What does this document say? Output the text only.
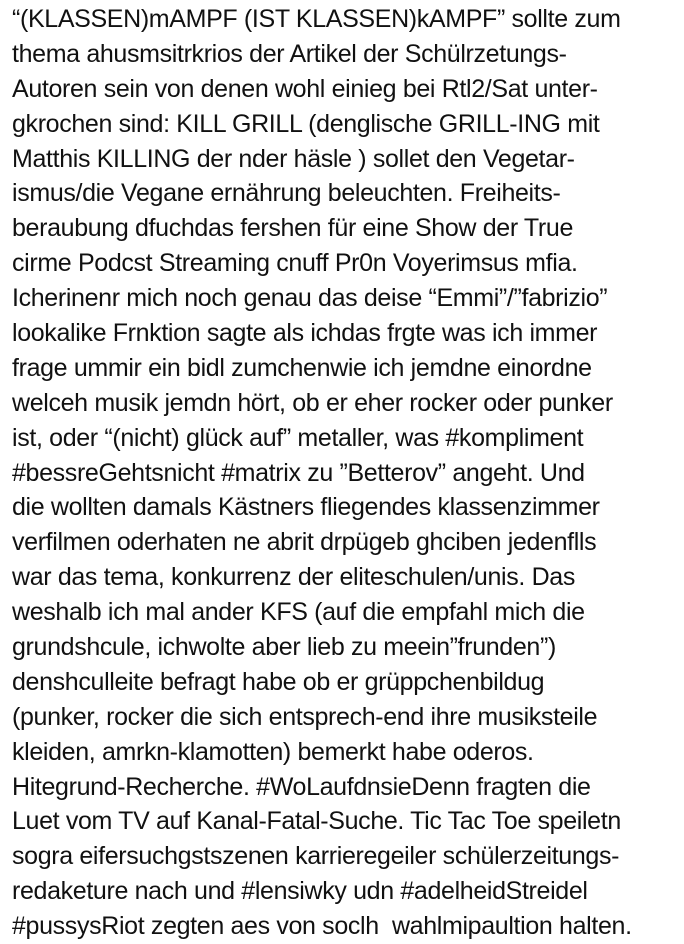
“(KLASSEN)mAMPF (IST KLASSEN)kAMPF” sollte zum
thema ahusmsitrkrios der Artikel der Schülrzetungs-
Autoren sein von denen wohl einieg bei Rtl2/Sat unter-
gkrochen sind: KILL GRILL (denglische GRILL-ING mit
Matthis KILLING der nder häsle ) sollet den Vegetar-
ismus/die Vegane ernährung beleuchten. Freiheits-
beraubung dfuchdas fershen für eine Show der True
cirme Podcst Streaming cnuff Pr0n Voyerimsus mfia.
Icherinenr mich noch genau das deise “Emmi”/”fabrizio”
lookalike Frnktion sagte als ichdas frgte was ich immer
frage ummir ein bidl zumchenwie ich jemdne einordne
welceh musik jemdn hört, ob er eher rocker oder punker
ist, oder “(nicht) glück auf” metaller, was #kompliment
#bessreGehtsnicht #matrix zu ”Betterov” angeht. Und
die wollten damals Kästners fliegendes klassenzimmer
verfilmen oderhaten ne abrit drpügeb ghciben jedenflls
war das tema, konkurrenz der eliteschulen/unis. Das
weshalb ich mal ander KFS (auf die empfahl mich die
grundshcule, ichwolte aber lieb zu meein”frunden”)
denshculleite befragt habe ob er grüppchenbildug
(punker, rocker die sich entsprech-end ihre musiksteile
kleiden, amrkn-klamotten) bemerkt habe oderos.
Hitegrund-Recherche. #WoLaufdnsieDenn fragten die
Luet vom TV auf Kanal-Fatal-Suche. Tic Tac Toe speiletn
sogra eifersuchgstszenen karrieregeiler schülerzeitungs-
redaketure nach und #lensiwky udn #adelheidStreidel
#pussysRiot zegten aes von soclh  wahlmipaultion halten.
